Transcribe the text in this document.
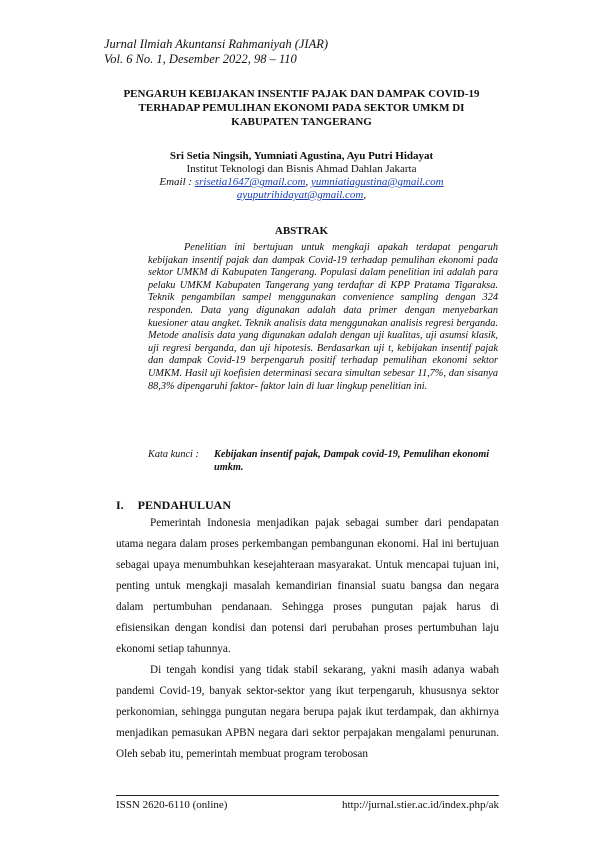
Jurnal Ilmiah Akuntansi Rahmaniyah (JIAR)
Vol. 6 No. 1, Desember 2022, 98 – 110
PENGARUH KEBIJAKAN INSENTIF PAJAK DAN DAMPAK COVID-19 TERHADAP PEMULIHAN EKONOMI PADA SEKTOR UMKM DI KABUPATEN TANGERANG
Sri Setia Ningsih, Yumniati Agustina, Ayu Putri Hidayat
Institut Teknologi dan Bisnis Ahmad Dahlan Jakarta
Email : srisetia1647@gmail.com, yumniatiagustina@gmail.com
ayuputrihidayat@gmail.com,
ABSTRAK

Penelitian ini bertujuan untuk mengkaji apakah terdapat pengaruh kebijakan insentif pajak dan dampak Covid-19 terhadap pemulihan ekonomi pada sektor UMKM di Kabupaten Tangerang. Populasi dalam penelitian ini adalah para pelaku UMKM Kabupaten Tangerang yang terdaftar di KPP Pratama Tigaraksa. Teknik pengambilan sampel menggunakan convenience sampling dengan 324 responden. Data yang digunakan adalah data primer dengan menyebarkan kuesioner atau angket. Teknik analisis data menggunakan analisis regresi berganda. Metode analisis data yang digunakan adalah dengan uji kualitas, uji asumsi klasik, uji regresi berganda, dan uji hipotesis. Berdasarkan uji t, kebijakan insentif pajak dan dampak Covid-19 berpengaruh positif terhadap pemulihan ekonomi sektor UMKM. Hasil uji koefisien determinasi secara simultan sebesar 11,7%, dan sisanya 88,3% dipengaruhi faktor- faktor lain di luar lingkup penelitian ini.

Kata kunci :	Kebijakan insentif pajak, Dampak covid-19, Pemulihan ekonomi umkm.
I. PENDAHULUAN

Pemerintah Indonesia menjadikan pajak sebagai sumber dari pendapatan utama negara dalam proses perkembangan pembangunan ekonomi. Hal ini bertujuan sebagai upaya menumbuhkan kesejahteraan masyarakat. Untuk mencapai tujuan ini, penting untuk mengkaji masalah kemandirian finansial suatu bangsa dan negara dalam pertumbuhan pendanaan. Sehingga proses pungutan pajak harus di efisiensikan dengan kondisi dan potensi dari perubahan proses pertumbuhan laju ekonomi setiap tahunnya.

Di tengah kondisi yang tidak stabil sekarang, yakni masih adanya wabah pandemi Covid-19, banyak sektor-sektor yang ikut terpengaruh, khususnya sektor perkonomian, sehingga pungutan negara berupa pajak ikut terdampak, dan akhirnya menjadikan pemasukan APBN negara dari sektor perpajakan mengalami penurunan. Oleh sebab itu, pemerintah membuat program terobosan

ISSN 2620-6110 (online)	http://jurnal.stier.ac.id/index.php/ak
